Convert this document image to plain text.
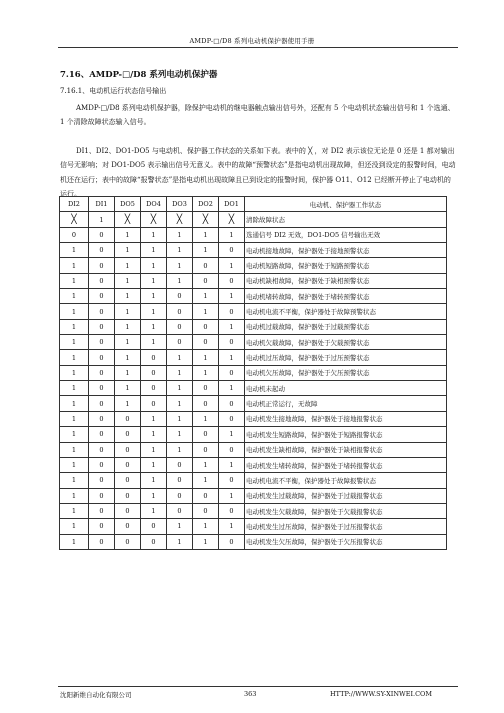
AMDP-□/D8 系列电动机保护器使用手册
7.16、AMDP-□/D8 系列电动机保护器
7.16.1、电动机运行状态信号输出

AMDP-□/D8 系列电动机保护器，除保护电动机的继电器触点输出信号外，还配有 5 个电动机状态输出信号和 1 个选通、1 个清除故障状态输入信号。

DI1、DI2、DO1-DO5 与电动机、保护器工作状态的关系如下表。表中的 ╳ ，对 DI2 表示该位无论是 0 还是 1 都对输出信号无影响；对 DO1-DO5 表示输出信号无意义。表中的故障“预警状态”是指电动机出现故障，但还没到设定的报警时间，电动机还在运行；表中的故障“报警状态”是指电动机出现故障且已到设定的报警时间，保护器 O11、O12 已经断开停止了电动机的运行。

DI2	DI1	DO5	DO4	DO3	DO2	DO1	电动机、保护器工作状态
╳	1	╳	╳	╳	╳	╳	清除故障状态
0	0	1	1	1	1	1	选通信号 DI2 无效，DO1-DO5 信号输出无效
1	0	1	1	1	1	0	电动机接地故障，保护器处于接地预警状态
1	0	1	1	1	0	1	电动机短路故障，保护器处于短路预警状态
1	0	1	1	1	0	0	电动机缺相故障，保护器处于缺相预警状态
1	0	1	1	0	1	1	电动机堵转故障，保护器处于堵转预警状态
1	0	1	1	0	1	0	电动机电流不平衡，保护器处于故障预警状态
1	0	1	1	0	0	1	电动机过载故障，保护器处于过载预警状态
1	0	1	1	0	0	0	电动机欠载故障，保护器处于欠载预警状态
1	0	1	0	1	1	1	电动机过压故障，保护器处于过压预警状态
1	0	1	0	1	1	0	电动机欠压故障，保护器处于欠压预警状态
1	0	1	0	1	0	1	电动机未起动
1	0	1	0	1	0	0	电动机正常运行，无故障
1	0	0	1	1	1	0	电动机发生接地故障，保护器处于接地报警状态
1	0	0	1	1	0	1	电动机发生短路故障，保护器处于短路报警状态
1	0	0	1	1	0	0	电动机发生缺相故障，保护器处于缺相报警状态
1	0	0	1	0	1	1	电动机发生堵转故障，保护器处于堵转报警状态
1	0	0	1	0	1	0	电动机电流不平衡，保护器处于故障报警状态
1	0	0	1	0	0	1	电动机发生过载故障，保护器处于过载报警状态
1	0	0	1	0	0	0	电动机发生欠载故障，保护器处于欠载报警状态
1	0	0	0	1	1	1	电动机发生过压故障，保护器处于过压报警状态
1	0	0	0	1	1	0	电动机发生欠压故障，保护器处于欠压报警状态
沈阳新维自动化有限公司	363	HTTP://WWW.SY-XINWEI.COM
